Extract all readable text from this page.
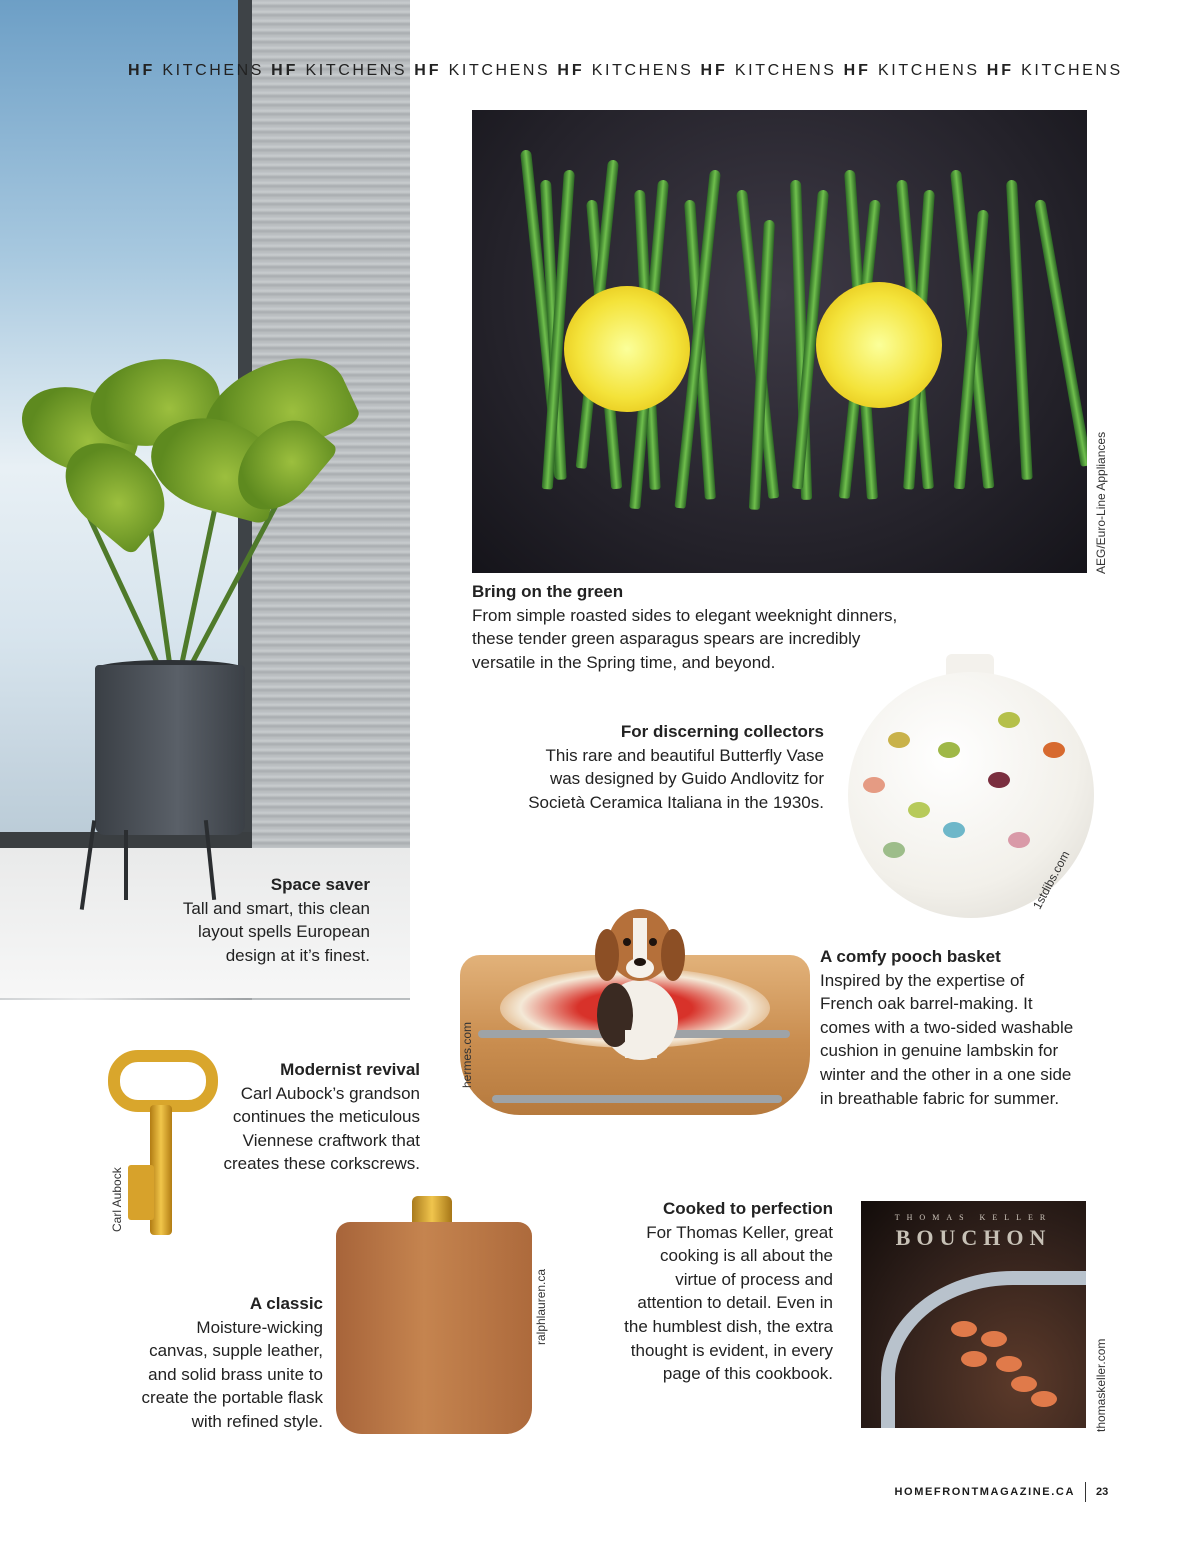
HF KITCHENS HF KITCHENS HF KITCHENS HF KITCHENS HF KITCHENS HF KITCHENS HF KITCHENS
AEG/Euro-Line Appliances
Bring on the green
From simple roasted sides to elegant weeknight dinners,
these tender green asparagus spears are incredibly
versatile in the Spring time, and beyond.
1stdibs.com
For discerning collectors
This rare and beautiful Butterfly Vase
was designed by Guido Andlovitz for
Società Ceramica Italiana in the 1930s.
Space saver
Tall and smart, this clean
layout spells European
design at it’s finest.
hermes.com
A comfy pooch basket
Inspired by the expertise of
French oak barrel-making. It
comes with a two-sided washable
cushion in genuine lambskin for
winter and the other in a one side
in breathable fabric for summer.
Carl Aubock
Modernist revival
Carl Aubock’s grandson
continues the meticulous
Viennese craftwork that
creates these corkscrews.
Cooked to perfection
For Thomas Keller, great
cooking is all about the
virtue of process and
attention to detail. Even in
the humblest dish, the extra
thought is evident, in every
page of this cookbook.
THOMAS KELLER
BOUCHON
thomaskeller.com
ralphlauren.ca
A classic
Moisture-wicking
canvas, supple leather,
and solid brass unite to
create the portable flask
with refined style.
HOMEFRONTMAGAZINE.CA 23
